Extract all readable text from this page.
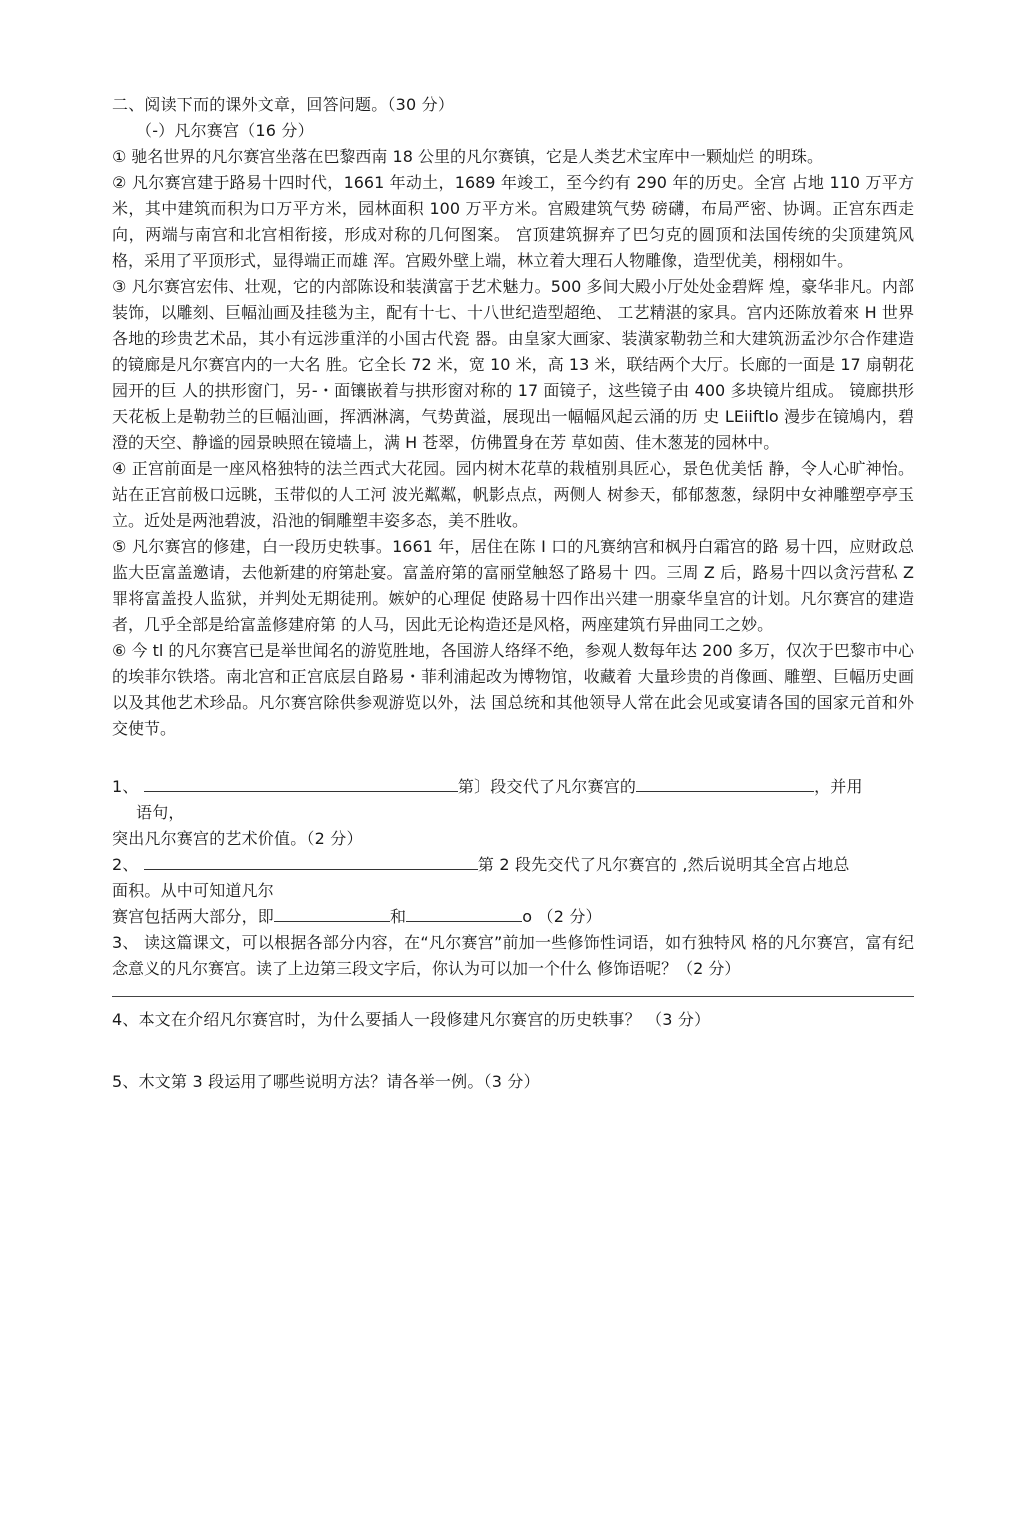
二、阅读下而的课外文章，回答问题。（30 分）
（-）凡尔赛宫（16 分）
① 驰名世界的凡尔赛宫坐落在巴黎西南 18 公里的凡尔赛镇，它是人类艺术宝库中一颗灿烂 的明珠。
② 凡尔赛宫建于路易十四时代，1661 年动土，1689 年竣工，至今约有 290 年的历史。全宫 占地 110 万平方米，其中建筑而积为口万平方米，园林面积 100 万平方米。宫殿建筑气势 磅礴，布局严密、协调。正宫东西走向，两端与南宫和北宫相衔接，形成对称的几何图案。 宫顶建筑摒弃了巴匀克的圆顶和法国传统的尖顶建筑风格，采用了平顶形式，显得端正而雄 浑。宫殿外壁上端，林立着大理石人物雕像，造型优美，栩栩如牛。
③ 凡尔赛宫宏伟、壮观，它的内部陈设和装潢富于艺术魅力。500 多间大殿小厅处处金碧辉 煌，豪华非凡。内部装饰，以雕刻、巨幅汕画及挂毯为主，配有十七、十八世纪造型超绝、 工艺精湛的家具。宫内还陈放着來 H 世界各地的珍贵艺术品，其小有远涉重洋的小国古代瓷 器。由皇家大画家、装潢家勒勃兰和大建筑沥孟沙尔合作建造的镜廊是凡尔赛宫内的一大名 胜。它全长 72 米，宽 10 米，高 13 米，联结两个大厅。长廊的一面是 17 扇朝花园开的巨 人的拱形窗门，另-・面镶嵌着与拱形窗对称的 17 面镜子，这些镜子由 400 多块镜片组成。 镜廊拱形天花板上是勒勃兰的巨幅汕画，挥洒淋漓，气势黄溢，展现出一幅幅风起云涌的历 史 LEiiftlo 漫步在镜鳩内，碧澄的天空、静谧的园景映照在镜墙上，满 H 苍翠，仿佛置身在芳 草如茵、佳木葱茏的园林中。
④ 正宫前面是一座风格独特的法兰西式大花园。园内树木花草的栽植别具匠心，景色优美恬 静，令人心旷神怡。站在正宫前极口远眺，玉带似的人工河 波光粼粼，帆影点点，两侧人 树参天，郁郁葱葱，绿阴中女神雕塑亭亭玉立。近处是两池碧波，沿池的铜雕塑丰姿多态，美不胜收。
⑤ 凡尔赛宫的修建，白一段历史轶事。1661 年，居住在陈 I 口的凡赛纳宫和枫丹白霜宫的路 易十四，应财政总监大臣富盖邀请，去他新建的府第赴宴。富盖府第的富丽堂触怒了路易十 四。三周 Z 后，路易十四以贪污营私 Z 罪将富盖投人监狱，并判处无期徒刑。嫉妒的心理促 使路易十四作出兴建一朋豪华皇宫的计划。凡尔赛宫的建造者，几乎全部是给富盖修建府第 的人马，因此无论构造还是风格，两座建筑冇异曲同工之妙。
⑥ 今 tl 的凡尔赛宫已是举世闻名的游览胜地，各国游人络绎不绝，参观人数每年达 200 多万，仅次于巴黎市中心的埃菲尔铁塔。南北宫和正宫底层自路易・菲利浦起改为博物馆，收藏着 大量珍贵的肖像画、雕塑、巨幅历史画以及其他艺术珍品。凡尔赛宫除供参观游览以外，法 国总统和其他领导人常在此会见或宴请各国的国家元首和外交使节。
1、	第〕段交代了凡尔赛宫的	，并用
语句，
突出凡尔赛宫的艺术价值。（2 分）
2、	第 2 段先交代了凡尔赛宫的 ,然后说明其全宫占地总
面积。从中可知道凡尔
赛宫包括两大部分，即	和	o （2 分）
3、 读这篇课文，可以根据各部分内容，在“凡尔赛宫”前加一些修饰性词语，如冇独特风 格的凡尔赛宫，富有纪念意义的凡尔赛宫。读了上边第三段文字后，你认为可以加一个什么 修饰语呢？（2 分）
4、本文在介绍凡尔赛宫时，为什么要插人一段修建凡尔赛宫的历史轶事？ （3 分）
5、木文第 3 段运用了哪些说明方法？请各举一例。（3 分）
